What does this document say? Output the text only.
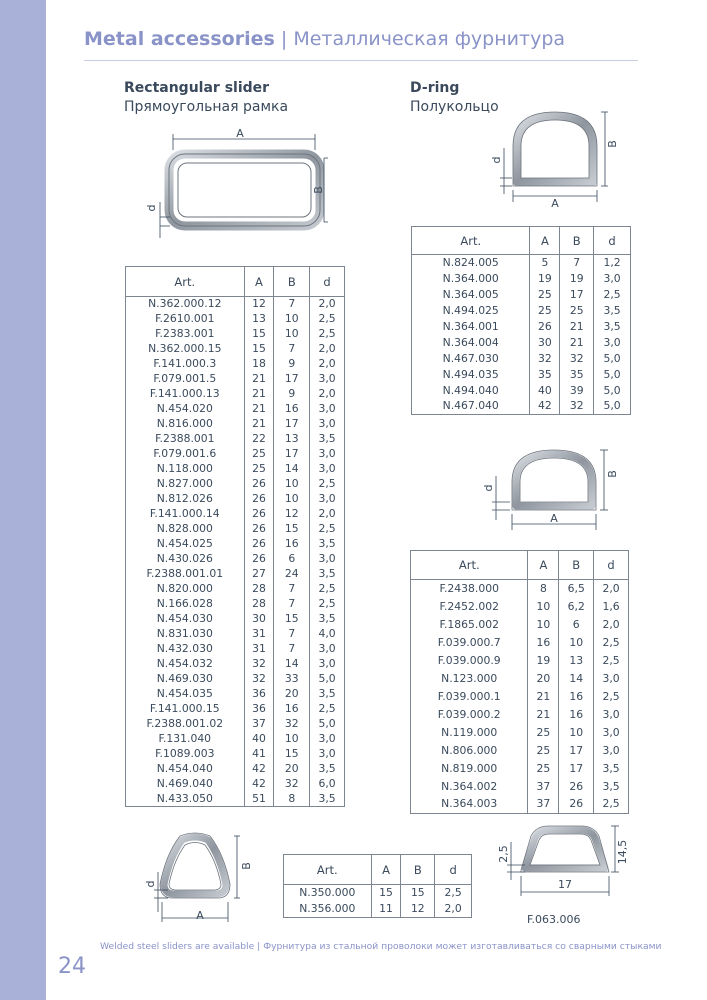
24
Metal accessories | Металлическая фурнитура
Rectangular slider
Прямоугольная рамка
A
B
d
Art.	A	B	d
N.362.000.12	12	7	2,0
F.2610.001	13	10	2,5
F.2383.001	15	10	2,5
N.362.000.15	15	7	2,0
F.141.000.3	18	9	2,0
F.079.001.5	21	17	3,0
F.141.000.13	21	9	2,0
N.454.020	21	16	3,0
N.816.000	21	17	3,0
F.2388.001	22	13	3,5
F.079.001.6	25	17	3,0
N.118.000	25	14	3,0
N.827.000	26	10	2,5
N.812.026	26	10	3,0
F.141.000.14	26	12	2,0
N.828.000	26	15	2,5
N.454.025	26	16	3,5
N.430.026	26	6	3,0
F.2388.001.01	27	24	3,5
N.820.000	28	7	2,5
N.166.028	28	7	2,5
N.454.030	30	15	3,5
N.831.030	31	7	4,0
N.432.030	31	7	3,0
N.454.032	32	14	3,0
N.469.030	32	33	5,0
N.454.035	36	20	3,5
F.141.000.15	36	16	2,5
F.2388.001.02	37	32	5,0
F.131.040	40	10	3,0
F.1089.003	41	15	3,0
N.454.040	42	20	3,5
N.469.040	42	32	6,0
N.433.050	51	8	3,5
D-ring
Полукольцо
B
A
d
Art.	A	B	d
N.824.005	5	7	1,2
N.364.000	19	19	3,0
N.364.005	25	17	2,5
N.494.025	25	25	3,5
N.364.001	26	21	3,5
N.364.004	30	21	3,0
N.467.030	32	32	5,0
N.494.035	35	35	5,0
N.494.040	40	39	5,0
N.467.040	42	32	5,0
B
A
d
Art.	A	B	d
F.2438.000	8	6,5	2,0
F.2452.002	10	6,2	1,6
F.1865.002	10	6	2,0
F.039.000.7	16	10	2,5
F.039.000.9	19	13	2,5
N.123.000	20	14	3,0
F.039.000.1	21	16	2,5
F.039.000.2	21	16	3,0
N.119.000	25	10	3,0
N.806.000	25	17	3,0
N.819.000	25	17	3,5
N.364.002	37	26	3,5
N.364.003	37	26	2,5
B
A
d
Art.	A	B	d
N.350.000	15	15	2,5
N.356.000	11	12	2,0
14,5
2,5
17
F.063.006
Welded steel sliders are available | Фурнитура из стальной проволоки может изготавливаться со сварными стыками
